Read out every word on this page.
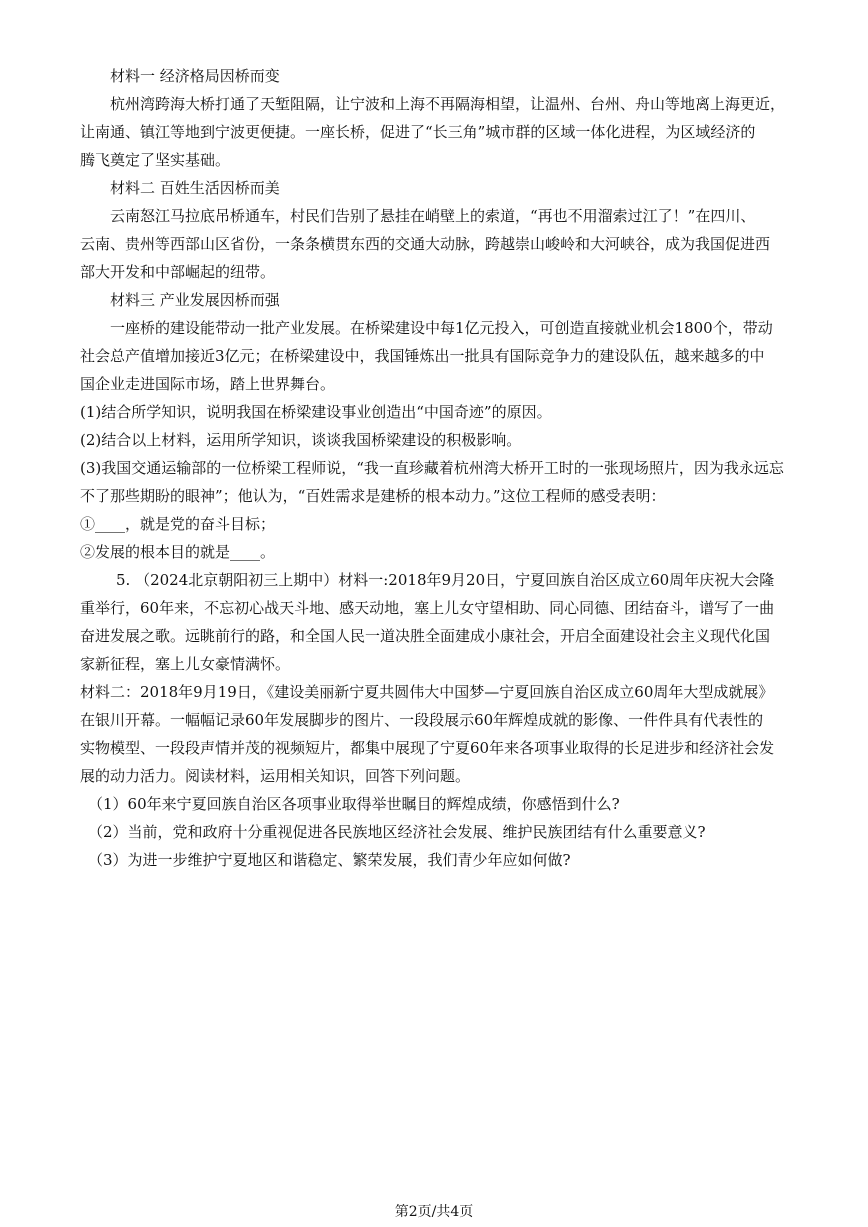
材料一 经济格局因桥而变
杭州湾跨海大桥打通了天堑阻隔，让宁波和上海不再隔海相望，让温州、台州、舟山等地离上海更近，
让南通、镇江等地到宁波更便捷。一座长桥，促进了“长三角”城市群的区域一体化进程，为区域经济的
腾飞奠定了坚实基础。
材料二 百姓生活因桥而美
云南怒江马拉底吊桥通车，村民们告别了悬挂在峭壁上的索道，“再也不用溜索过江了！”在四川、
云南、贵州等西部山区省份，一条条横贯东西的交通大动脉，跨越崇山峻岭和大河峡谷，成为我国促进西
部大开发和中部崛起的纽带。
材料三 产业发展因桥而强
一座桥的建设能带动一批产业发展。在桥梁建设中每1亿元投入，可创造直接就业机会1800个，带动
社会总产值增加接近3亿元；在桥梁建设中，我国锤炼出一批具有国际竞争力的建设队伍，越来越多的中
国企业走进国际市场，踏上世界舞台。
(1)结合所学知识，说明我国在桥梁建设事业创造出“中国奇迹”的原因。
(2)结合以上材料，运用所学知识，谈谈我国桥梁建设的积极影响。
(3)我国交通运输部的一位桥梁工程师说，“我一直珍藏着杭州湾大桥开工时的一张现场照片，因为我永远忘
不了那些期盼的眼神”；他认为，“百姓需求是建桥的根本动力。”这位工程师的感受表明：
①____，就是党的奋斗目标；
②发展的根本目的就是____。
5. （2024北京朝阳初三上期中）材料一:2018年9月20日，宁夏回族自治区成立60周年庆祝大会隆
重举行，60年来，不忘初心战天斗地、感天动地，塞上儿女守望相助、同心同德、团结奋斗，谱写了一曲
奋进发展之歌。远眺前行的路，和全国人民一道决胜全面建成小康社会，开启全面建设社会主义现代化国
家新征程，塞上儿女豪情满怀。
材料二：2018年9月19日，《建设美丽新宁夏共圆伟大中国梦—宁夏回族自治区成立60周年大型成就展》
在银川开幕。一幅幅记录60年发展脚步的图片、一段段展示60年辉煌成就的影像、一件件具有代表性的
实物模型、一段段声情并茂的视频短片，都集中展现了宁夏60年来各项事业取得的长足进步和经济社会发
展的动力活力。阅读材料，运用相关知识，回答下列问题。
（1）60年来宁夏回族自治区各项事业取得举世瞩目的辉煌成绩，你感悟到什么?
（2）当前，党和政府十分重视促进各民族地区经济社会发展、维护民族团结有什么重要意义?
（3）为进一步维护宁夏地区和谐稳定、繁荣发展，我们青少年应如何做?
第2页/共4页
